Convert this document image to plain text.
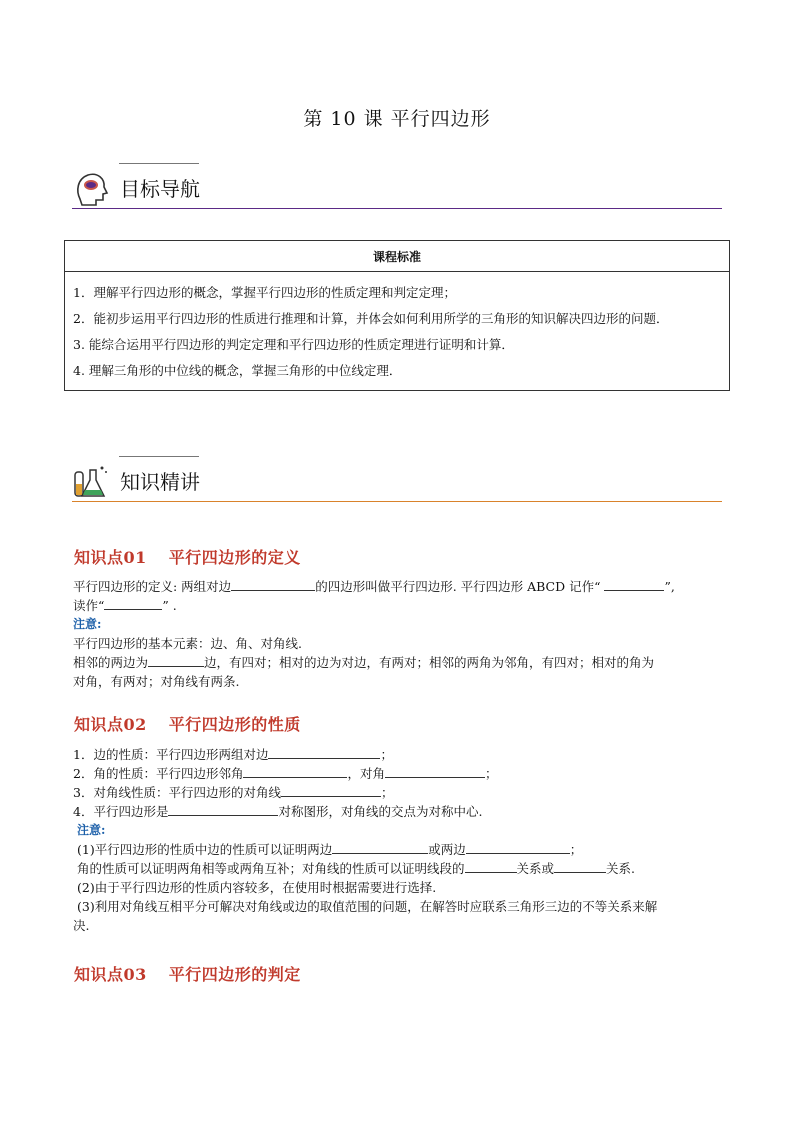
第 10 课 平行四边形
目标导航
课程标准

1．理解平行四边形的概念，掌握平行四边形的性质定理和判定定理；
2．能初步运用平行四边形的性质进行推理和计算，并体会如何利用所学的三角形的知识解决四边形的问题．
3. 能综合运用平行四边形的判定定理和平行四边形的性质定理进行证明和计算．
4. 理解三角形的中位线的概念，掌握三角形的中位线定理．
知识精讲
知识点01 平行四边形的定义
平行四边形的定义: 两组对边	的四边形叫做平行四边形. 平行四边形 ABCD 记作“	”,
读作“	” .
注意:
平行四边形的基本元素：边、角、对角线.
相邻的两边为	边，有四对；相对的边为对边，有两对；相邻的两角为邻角，有四对；相对的角为
对角，有两对；对角线有两条.
知识点02 平行四边形的性质
1．边的性质：平行四边形两组对边	；
2．角的性质：平行四边形邻角	，对角	；
3．对角线性质：平行四边形的对角线	；
4．平行四边形是	对称图形，对角线的交点为对称中心.
注意:
(1)平行四边形的性质中边的性质可以证明两边	或两边	；
角的性质可以证明两角相等或两角互补；对角线的性质可以证明线段的	关系或	关系.
(2)由于平行四边形的性质内容较多，在使用时根据需要进行选择.
(3)利用对角线互相平分可解决对角线或边的取值范围的问题，在解答时应联系三角形三边的不等关系来解
决.
知识点03 平行四边形的判定
